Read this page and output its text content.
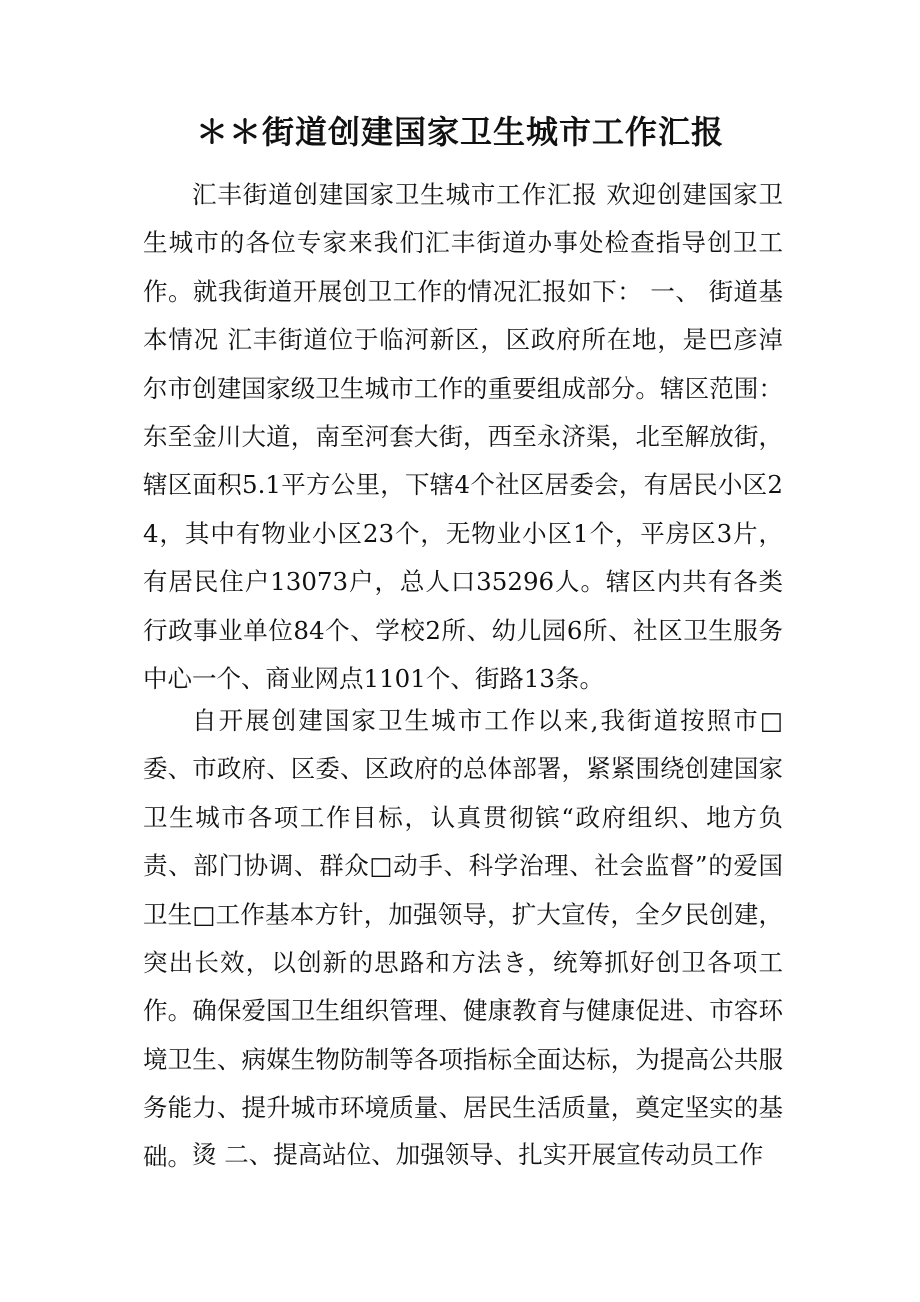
＊＊街道创建国家卫生城市工作汇报

汇丰街道创建国家卫生城市工作汇报 欢迎创建国家卫生城市的各位专家来我们汇丰街道办事处检查指导创卫工作。就我街道开展创卫工作的情况汇报如下： 一、 街道基本情况 汇丰街道位于临河新区，区政府所在地，是巴彦淖尔市创建国家级卫生城市工作的重要组成部分。辖区范围：东至金川大道，南至河套大街，西至永济渠，北至解放街，辖区面积5.1平方公里，下辖4个社区居委会，有居民小区24，其中有物业小区23个，无物业小区1个，平房区3片，有居民住户13073户，总人口35296人。辖区内共有各类行政事业单位84个、学校2所、幼儿园6所、社区卫生服务中心一个、商业网点1101个、街路13条。

自开展创建国家卫生城市工作以来,我街道按照市□委、市政府、区委、区政府的总体部署，紧紧围绕创建国家卫生城市各项工作目标，认真贯彻镔“政府组织、地方负责、部门协调、群众□动手、科学治理、社会监督”的爱国卫生□工作基本方针，加强领导，扩大宣传，全夕民创建，突出长效，以创新的思路和方法き，统筹抓好创卫各项工作。确保爱国卫生组织管理、健康教育与健康促进、市容环境卫生、病媒生物防制等各项指标全面达标，为提高公共服务能力、提升城市环境质量、居民生活质量，奠定坚实的基础。 烫 二、提高站位、加强领导、扎实开展宣传动员工作
